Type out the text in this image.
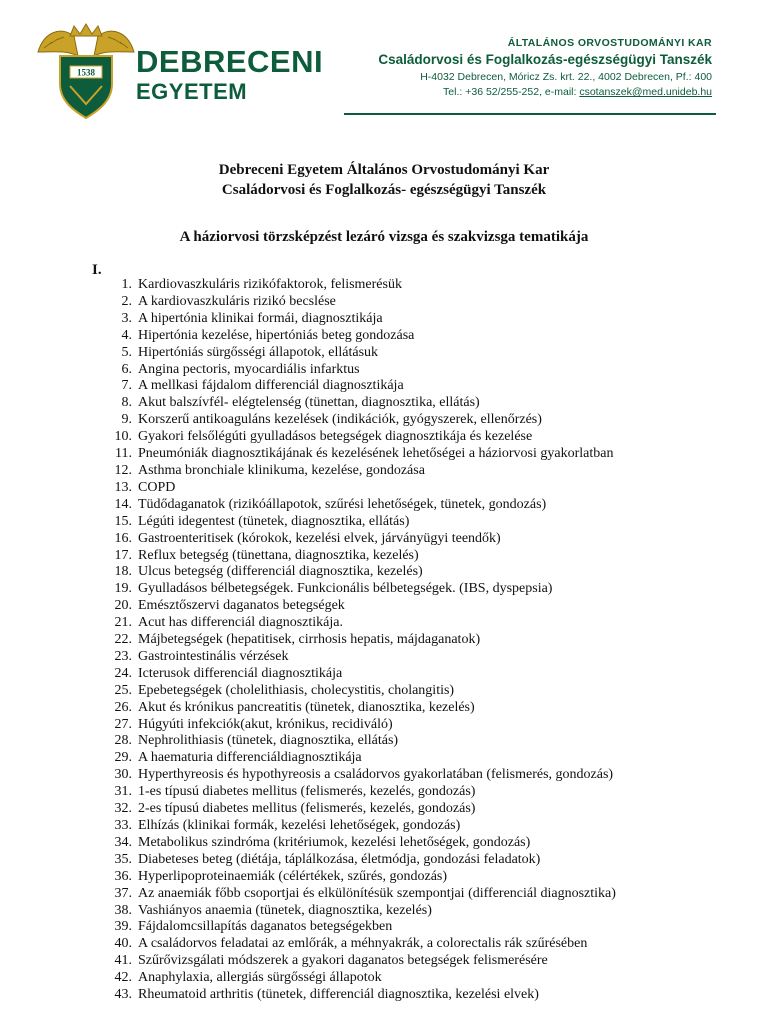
1538 DEBRECENI
EGYETEM
ÁLTALÁNOS ORVOSTUDOMÁNYI KAR
Családorvosi és Foglalkozás-egészségügyi Tanszék
H-4032 Debrecen, Móricz Zs. krt. 22., 4002 Debrecen, Pf.: 400
Tel.: +36 52/255-252, e-mail: csotanszek@med.unideb.hu
Debreceni Egyetem Általános Orvostudományi Kar
Családorvosi és Foglalkozás- egészségügyi Tanszék
A háziorvosi törzsképzést lezáró vizsga és szakvizsga tematikája
I.
1. Kardiovaszkuláris rizikófaktorok, felismerésük
2. A kardiovaszkuláris rizikó becslése
3. A hipertónia klinikai formái, diagnosztikája
4. Hipertónia kezelése, hipertóniás beteg gondozása
5. Hipertóniás sürgősségi állapotok, ellátásuk
6. Angina pectoris, myocardiális infarktus
7. A mellkasi fájdalom differenciál diagnosztikája
8. Akut balszívfél- elégtelenség (tünettan, diagnosztika, ellátás)
9. Korszerű antikoaguláns kezelések (indikációk, gyógyszerek, ellenőrzés)
10. Gyakori felsőlégúti gyulladásos betegségek diagnosztikája és kezelése
11. Pneumóniák diagnosztikájának és kezelésének lehetőségei a háziorvosi gyakorlatban
12. Asthma bronchiale klinikuma, kezelése, gondozása
13. COPD
14. Tüdődaganatok (rizikóállapotok, szűrési lehetőségek, tünetek, gondozás)
15. Légúti idegentest (tünetek, diagnosztika, ellátás)
16. Gastroenteritisek (kórokok, kezelési elvek, járványügyi teendők)
17. Reflux betegség (tünettana, diagnosztika, kezelés)
18. Ulcus betegség (differenciál diagnosztika, kezelés)
19. Gyulladásos bélbetegségek. Funkcionális bélbetegségek. (IBS, dyspepsia)
20. Emésztőszervi daganatos betegségek
21. Acut has differenciál diagnosztikája.
22. Májbetegségek (hepatitisek, cirrhosis hepatis, májdaganatok)
23. Gastrointestinális vérzések
24. Icterusok differenciál diagnosztikája
25. Epebetegségek (cholelithiasis, cholecystitis, cholangitis)
26. Akut és krónikus pancreatitis (tünetek, dianosztika, kezelés)
27. Húgyúti infekciók(akut, krónikus, recidiváló)
28. Nephrolithiasis (tünetek, diagnosztika, ellátás)
29. A haematuria differenciáldiagnosztikája
30. Hyperthyreosis és hypothyreosis a családorvos gyakorlatában (felismerés, gondozás)
31. 1-es típusú diabetes mellitus (felismerés, kezelés, gondozás)
32. 2-es típusú diabetes mellitus (felismerés, kezelés, gondozás)
33. Elhízás (klinikai formák, kezelési lehetőségek, gondozás)
34. Metabolikus szindróma (kritériumok, kezelési lehetőségek, gondozás)
35. Diabeteses beteg (diétája, táplálkozása, életmódja, gondozási feladatok)
36. Hyperlipoproteinaemiák (célértékek, szűrés, gondozás)
37. Az anaemiák főbb csoportjai és elkülönítésük szempontjai (differenciál diagnosztika)
38. Vashiányos anaemia (tünetek, diagnosztika, kezelés)
39. Fájdalomcsillapítás daganatos betegségekben
40. A családorvos feladatai az emlőrák, a méhnyakrák, a colorectalis rák szűrésében
41. Szűrővizsgálati módszerek a gyakori daganatos betegségek felismerésére
42. Anaphylaxia, allergiás sürgősségi állapotok
43. Rheumatoid arthritis (tünetek, differenciál diagnosztika, kezelési elvek)
